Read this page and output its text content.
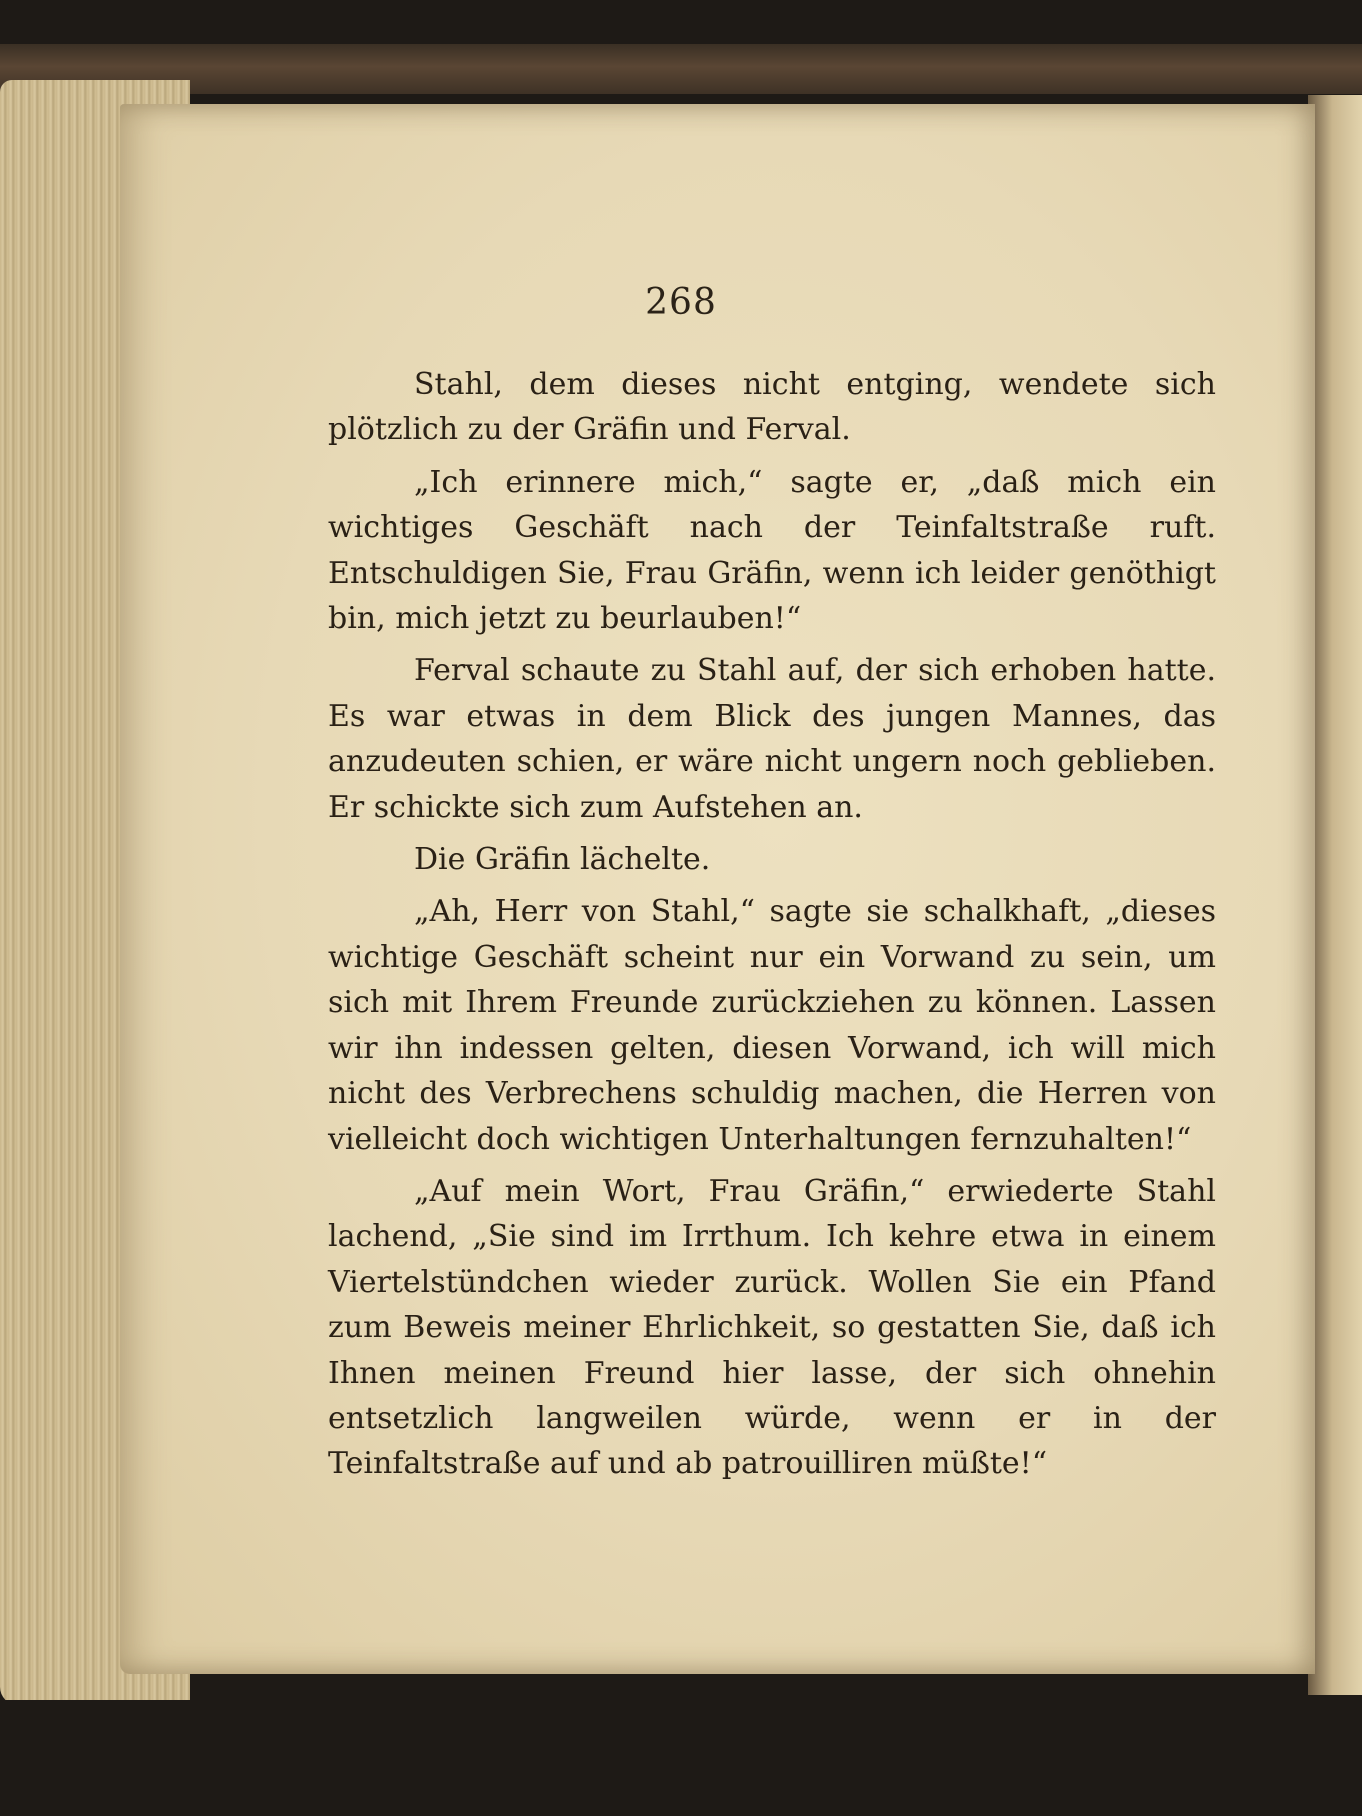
268

Stahl, dem dieses nicht entging, wendete sich plötzlich zu der Gräfin und Ferval.

„Ich erinnere mich,“ sagte er, „daß mich ein wichtiges Geschäft nach der Teinfaltstraße ruft. Entschuldigen Sie, Frau Gräfin, wenn ich leider genöthigt bin, mich jetzt zu beurlauben!“

Ferval schaute zu Stahl auf, der sich erhoben hatte. Es war etwas in dem Blick des jungen Mannes, das anzudeuten schien, er wäre nicht ungern noch geblieben. Er schickte sich zum Aufstehen an.

Die Gräfin lächelte.

„Ah, Herr von Stahl,“ sagte sie schalkhaft, „dieses wichtige Geschäft scheint nur ein Vorwand zu sein, um sich mit Ihrem Freunde zurückziehen zu können. Lassen wir ihn indessen gelten, diesen Vorwand, ich will mich nicht des Verbrechens schuldig machen, die Herren von vielleicht doch wichtigen Unterhaltungen fernzuhalten!“

„Auf mein Wort, Frau Gräfin,“ erwiederte Stahl lachend, „Sie sind im Irrthum. Ich kehre etwa in einem Viertelstündchen wieder zurück. Wollen Sie ein Pfand zum Beweis meiner Ehrlichkeit, so gestatten Sie, daß ich Ihnen meinen Freund hier lasse, der sich ohnehin entsetzlich langweilen würde, wenn er in der Teinfaltstraße auf und ab patrouilliren müßte!“
